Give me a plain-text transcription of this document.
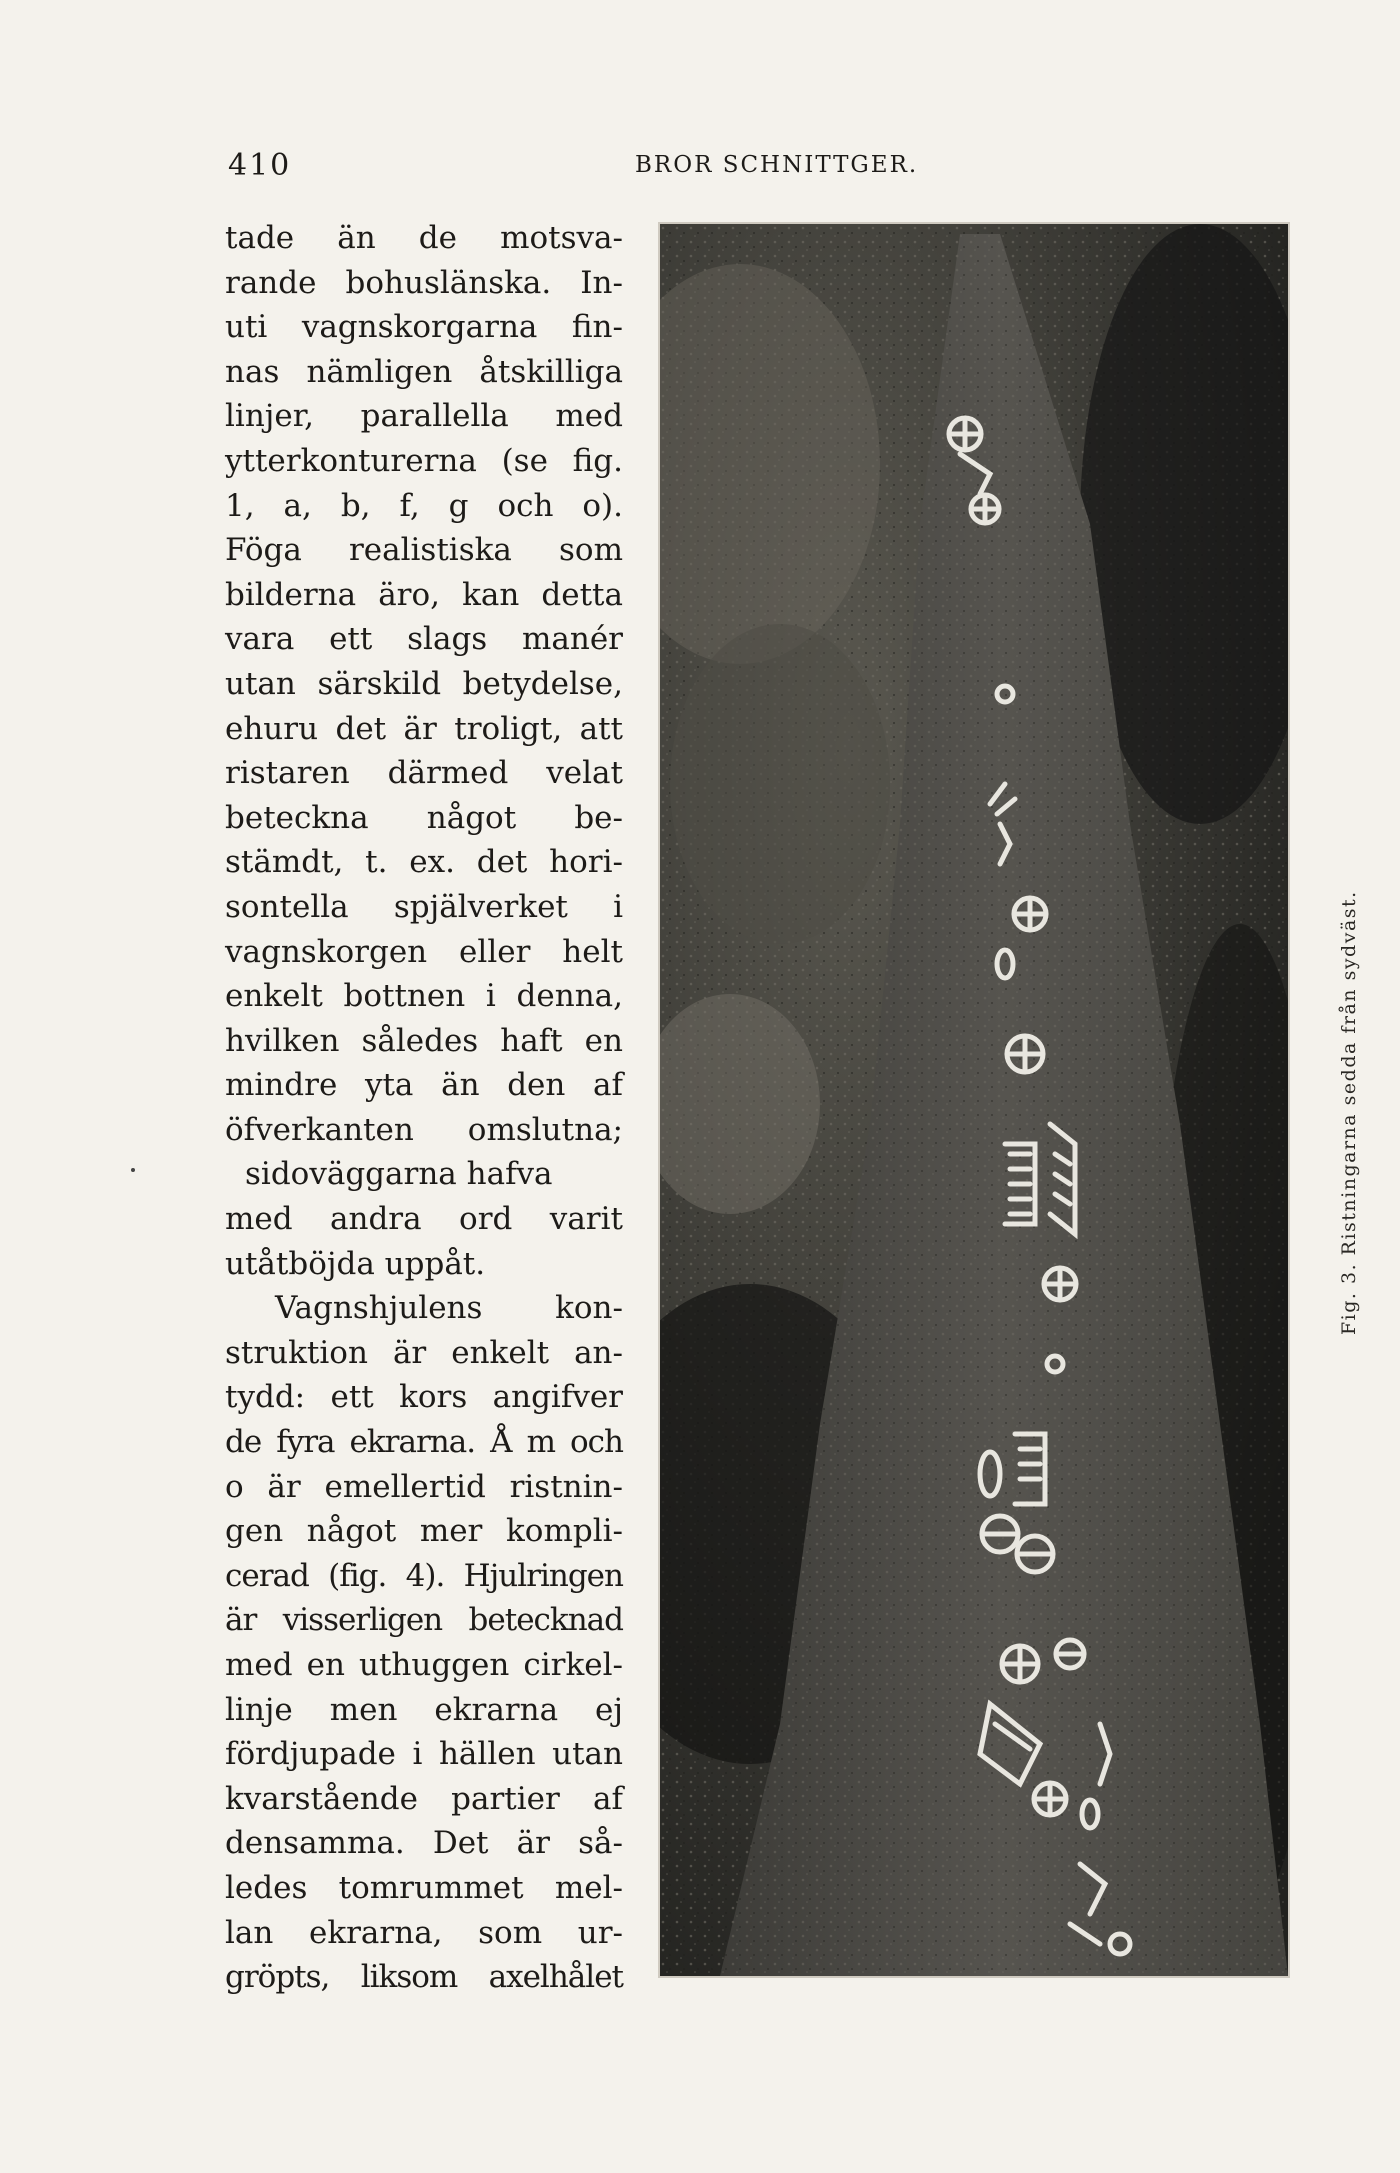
410	BROR SCHNITTGER.
tade än de motsva-
rande bohuslänska. In-
uti vagnskorgarna fin-
nas nämligen åtskilliga
linjer, parallella med
ytterkonturerna (se fig.
1, a, b, f, g och o).
Föga realistiska som
bilderna äro, kan detta
vara ett slags manér
utan särskild betydelse,
ehuru det är troligt, att
ristaren därmed velat
beteckna något be-
stämdt, t. ex. det hori-
sontella spjälverket i
vagnskorgen eller helt
enkelt bottnen i denna,
hvilken således haft en
mindre yta än den af
öfverkanten omslutna;
sidoväggarna hafva
med andra ord varit
utåtböjda uppåt.
Vagnshjulens kon-
struktion är enkelt an-
tydd: ett kors angifver
de fyra ekrarna. Å m och
o är emellertid ristnin-
gen något mer kompli-
cerad (fig. 4). Hjulringen
är visserligen betecknad
med en uthuggen cirkel-
linje men ekrarna ej
fördjupade i hällen utan
kvarstående partier af
densamma. Det är så-
ledes tomrummet mel-
lan ekrarna, som ur-
gröpts, liksom axelhålet
Fig. 3. Ristningarna sedda från sydväst.
